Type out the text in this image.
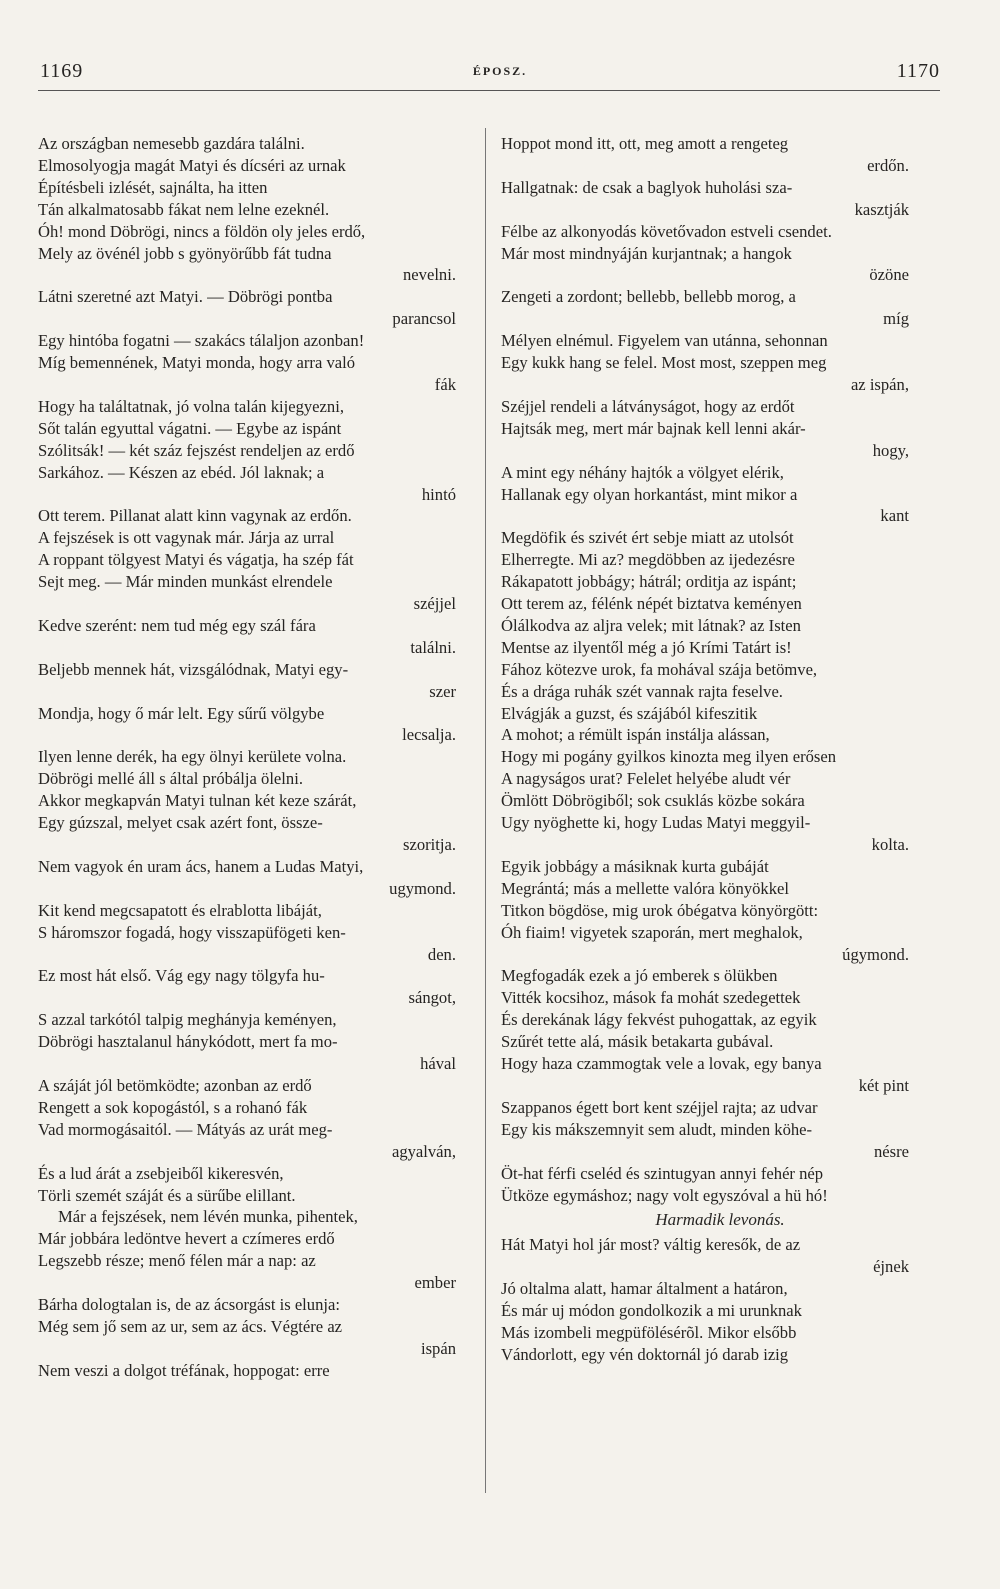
1169	ÉPOSZ.	1170
Az országban nemesebb gazdára találni.
Elmosolyogja magát Matyi és dícséri az urnak
Építésbeli izlését, sajnálta, ha itten
Tán alkalmatosabb fákat nem lelne ezeknél.
Óh! mond Döbrögi, nincs a földön oly jeles erdő,
Mely az övénél jobb s gyönyörűbb fát tudna
nevelni.
Látni szeretné azt Matyi. — Döbrögi pontba
parancsol
Egy hintóba fogatni — szakács tálaljon azonban!
Míg bemennének, Matyi monda, hogy arra való
fák
Hogy ha találtatnak, jó volna talán kijegyezni,
Sőt talán egyuttal vágatni. — Egybe az ispánt
Szólitsák! — két száz fejszést rendeljen az erdő
Sarkához. — Készen az ebéd. Jól laknak; a
hintó
Ott terem. Pillanat alatt kinn vagynak az erdőn.
A fejszések is ott vagynak már. Járja az urral
A roppant tölgyest Matyi és vágatja, ha szép fát
Sejt meg. — Már minden munkást elrendele
széjjel
Kedve szerént: nem tud még egy szál fára
találni.
Beljebb mennek hát, vizsgálódnak, Matyi egy-
szer
Mondja, hogy ő már lelt. Egy sűrű völgybe
lecsalja.
Ilyen lenne derék, ha egy ölnyi kerülete volna.
Döbrögi mellé áll s által próbálja ölelni.
Akkor megkapván Matyi tulnan két keze szárát,
Egy gúzszal, melyet csak azért font, össze-
szoritja.
Nem vagyok én uram ács, hanem a Ludas Matyi,
ugymond.
Kit kend megcsapatott és elrablotta libáját,
S háromszor fogadá, hogy visszapüfögeti ken-
den.
Ez most hát első. Vág egy nagy tölgyfa hu-
sángot,
S azzal tarkótól talpig meghányja keményen,
Döbrögi hasztalanul hánykódott, mert fa mo-
hával
A száját jól betömködte; azonban az erdő
Rengett a sok kopogástól, s a rohanó fák
Vad mormogásaitól. — Mátyás az urát meg-
agyalván,
És a lud árát a zsebjeiből kikeresvén,
Törli szemét száját és a sürűbe elillant.
Már a fejszések, nem lévén munka, pihentek,
Már jobbára ledöntve hevert a czímeres erdő
Legszebb része; menő félen már a nap: az
ember
Bárha dologtalan is, de az ácsorgást is elunja:
Még sem jő sem az ur, sem az ács. Végtére az
ispán
Nem veszi a dolgot tréfának, hoppogat: erre
Hoppot mond itt, ott, meg amott a rengeteg
erdőn.
Hallgatnak: de csak a baglyok huholási sza-
kasztják
Félbe az alkonyodás követővadon estveli csendet.
Már most mindnyáján kurjantnak; a hangok
özöne
Zengeti a zordont; bellebb, bellebb morog, a
míg
Mélyen elnémul. Figyelem van utánna, sehonnan
Egy kukk hang se felel. Most most, szeppen meg
az ispán,
Széjjel rendeli a látványságot, hogy az erdőt
Hajtsák meg, mert már bajnak kell lenni akár-
hogy,
A mint egy néhány hajtók a völgyet elérik,
Hallanak egy olyan horkantást, mint mikor a
kant
Megdöfik és szivét ért sebje miatt az utolsót
Elherregte. Mi az? megdöbben az ijedezésre
Rákapatott jobbágy; hátrál; orditja az ispánt;
Ott terem az, félénk népét biztatva keményen
Ólálkodva az aljra velek; mit látnak? az Isten
Mentse az ilyentől még a jó Krími Tatárt is!
Fához kötezve urok, fa mohával szája betömve,
És a drága ruhák szét vannak rajta feselve.
Elvágják a guzst, és szájából kifeszitik
A mohot; a rémült ispán instálja alássan,
Hogy mi pogány gyilkos kinozta meg ilyen erősen
A nagyságos urat? Felelet helyébe aludt vér
Ömlött Döbrögiből; sok csuklás közbe sokára
Ugy nyöghette ki, hogy Ludas Matyi meggyil-
kolta.
Egyik jobbágy a másiknak kurta gubáját
Megrántá; más a mellette valóra könyökkel
Titkon bögdöse, mig urok óbégatva könyörgött:
Óh fiaim! vigyetek szaporán, mert meghalok,
úgymond.
Megfogadák ezek a jó emberek s ölükben
Vitték kocsihoz, mások fa mohát szedegettek
És derekának lágy fekvést puhogattak, az egyik
Szűrét tette alá, másik betakarta gubával.
Hogy haza czammogtak vele a lovak, egy banya
két pint
Szappanos égett bort kent széjjel rajta; az udvar
Egy kis mákszemnyit sem aludt, minden köhe-
nésre
Öt-hat férfi cseléd és szintugyan annyi fehér nép
Ütköze egymáshoz; nagy volt egyszóval a hü hó!
Harmadik levonás.
Hát Matyi hol jár most? váltig keresők, de az
éjnek
Jó oltalma alatt, hamar általment a határon,
És már uj módon gondolkozik a mi urunknak
Más izombeli megpüfölésérõl. Mikor elsőbb
Vándorlott, egy vén doktornál jó darab izig
